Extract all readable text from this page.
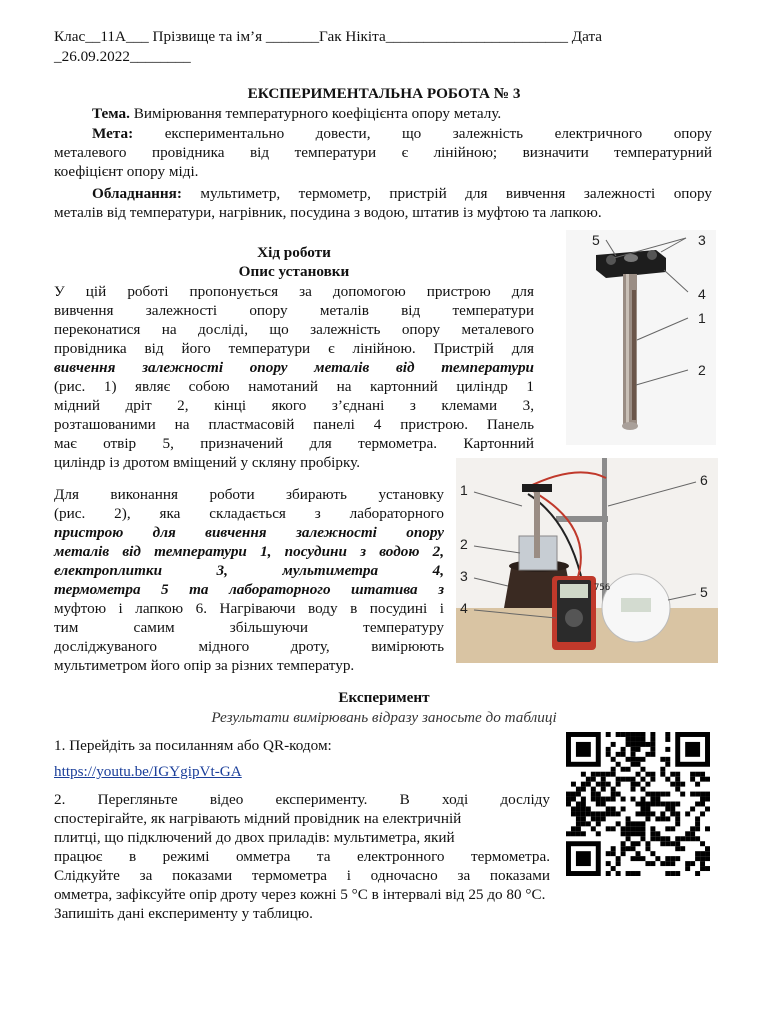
Клас__11А___ Прізвище та ім’я _______Гак Нікіта________________________ Дата
_26.09.2022________
ЕКСПЕРИМЕНТАЛЬНА РОБОТА № 3
Тема. Вимірювання температурного коефіцієнта опору металу.
Мета: експериментально довести, що залежність електричного опору
металевого провідника від температури є лінійною; визначити температурний
коефіцієнт опору міді.
Обладнання: мультиметр, термометр, пристрій для вивчення залежності опору
металів від температури, нагрівник, посудина з водою, штатив із муфтою та лапкою.
Хід роботи
Опис установки
У цій роботі пропонується за допомогою пристрою для
вивчення залежності опору металів від температури
переконатися на досліді, що залежність опору металевого
провідника від його температури є лінійною. Пристрій для
вивчення залежності опору металів від температури
(рис. 1) являє собою намотаний на картонний циліндр 1
мідний дріт 2, кінці якого з’єднані з клемами 3,
розташованими на пластмасовій панелі 4 пристрою. Панель
має отвір 5, призначений для термометра. Картонний
циліндр із дротом вміщений у скляну пробірку.
Для виконання роботи збирають установку
(рис. 2), яка складається з лабораторного
пристрою для вивчення залежності опору
металів від температури 1, посудини з водою 2,
електроплитки 3, мультиметра 4,
термометра 5 та лабораторного штатива з
муфтою і лапкою 6. Нагріваючи воду в посудині і
тим самим збільшуючи температуру
досліджуваного мідного дроту, вимірюють
мультиметром його опір за різних температур.
Експеримент
Результати вимірювань відразу заносьте до таблиці
1. Перейдіть за посиланням або QR-кодом:
https://youtu.be/IGYgipVt-GA
2. Перегляньте відео експерименту. В ході досліду
спостерігайте, як нагрівають мідний провідник на електричній
плитці, що підключений до двох приладів: мультиметра, який
працює в режимі омметра та електронного термометра.
Слідкуйте за показами термометра і одночасно за показами
омметра, зафіксуйте опір дроту через кожні 5 °С в інтервалі від 25 до 80 °С.
Запишіть дані експерименту у таблицю.
5	3
4
1
2
756
1
2
3
4
6
5
